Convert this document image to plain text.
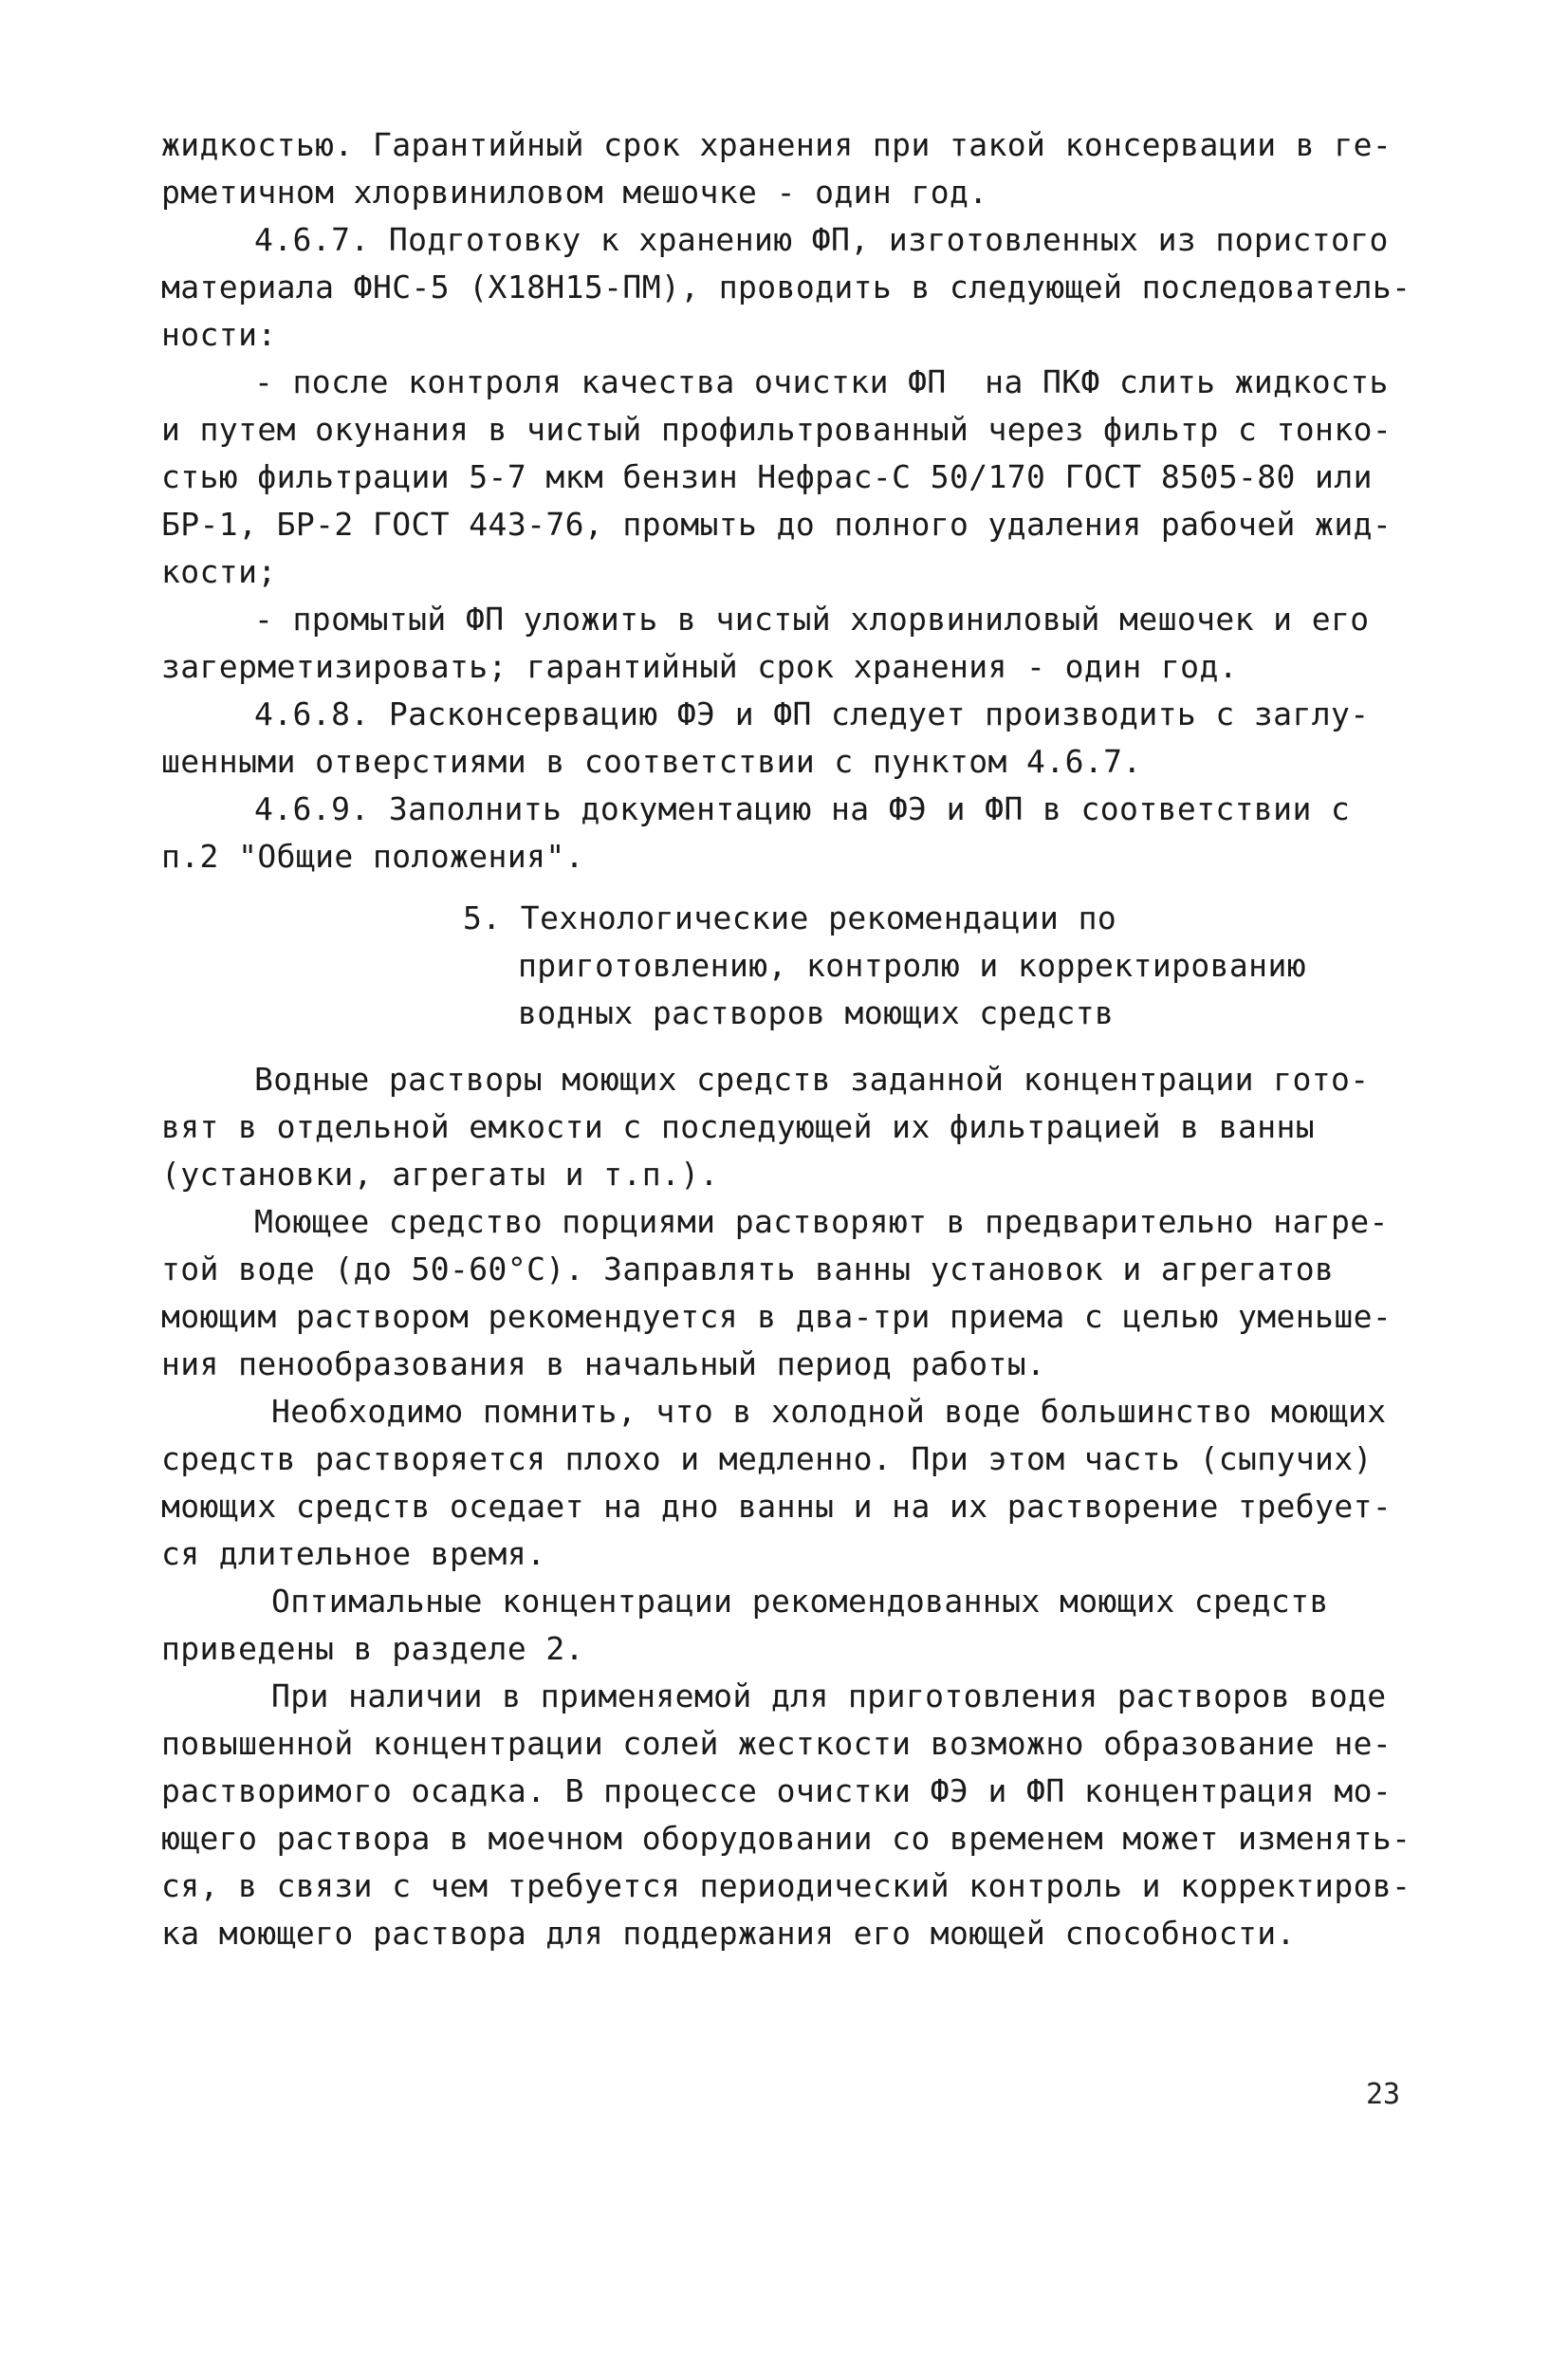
жидкостью. Гарантийный срок хранения при такой консервации в ге-
рметичном хлорвиниловом мешочке - один год.
4.6.7. Подготовку к хранению ФП, изготовленных из пористого
материала ФНС-5 (Х18Н15-ПМ), проводить в следующей последователь-
ности:
- после контроля качества очистки ФП  на ПКФ слить жидкость
и путем окунания в чистый профильтрованный через фильтр с тонко-
стью фильтрации 5-7 мкм бензин Нефрас-С 50/170 ГОСТ 8505-80 или
БР-1, БР-2 ГОСТ 443-76, промыть до полного удаления рабочей жид-
кости;
- промытый ФП уложить в чистый хлорвиниловый мешочек и его
загерметизировать; гарантийный срок хранения - один год.
4.6.8. Расконсервацию ФЭ и ФП следует производить с заглу-
шенными отверстиями в соответствии с пунктом 4.6.7.
4.6.9. Заполнить документацию на ФЭ и ФП в соответствии с
п.2 "Общие положения".
5. Технологические рекомендации по
приготовлению, контролю и корректированию
водных растворов моющих средств
Водные растворы моющих средств заданной концентрации гото-
вят в отдельной емкости с последующей их фильтрацией в ванны
(установки, агрегаты и т.п.).
Моющее средство порциями растворяют в предварительно нагре-
той воде (до 50-60°С). Заправлять ванны установок и агрегатов
моющим раствором рекомендуется в два-три приема с целью уменьше-
ния пенообразования в начальный период работы.
Необходимо помнить, что в холодной воде большинство моющих
средств растворяется плохо и медленно. При этом часть (сыпучих)
моющих средств оседает на дно ванны и на их растворение требует-
ся длительное время.
Оптимальные концентрации рекомендованных моющих средств
приведены в разделе 2.
При наличии в применяемой для приготовления растворов воде
повышенной концентрации солей жесткости возможно образование не-
растворимого осадка. В процессе очистки ФЭ и ФП концентрация мо-
ющего раствора в моечном оборудовании со временем может изменять-
ся, в связи с чем требуется периодический контроль и корректиров-
ка моющего раствора для поддержания его моющей способности.
23
